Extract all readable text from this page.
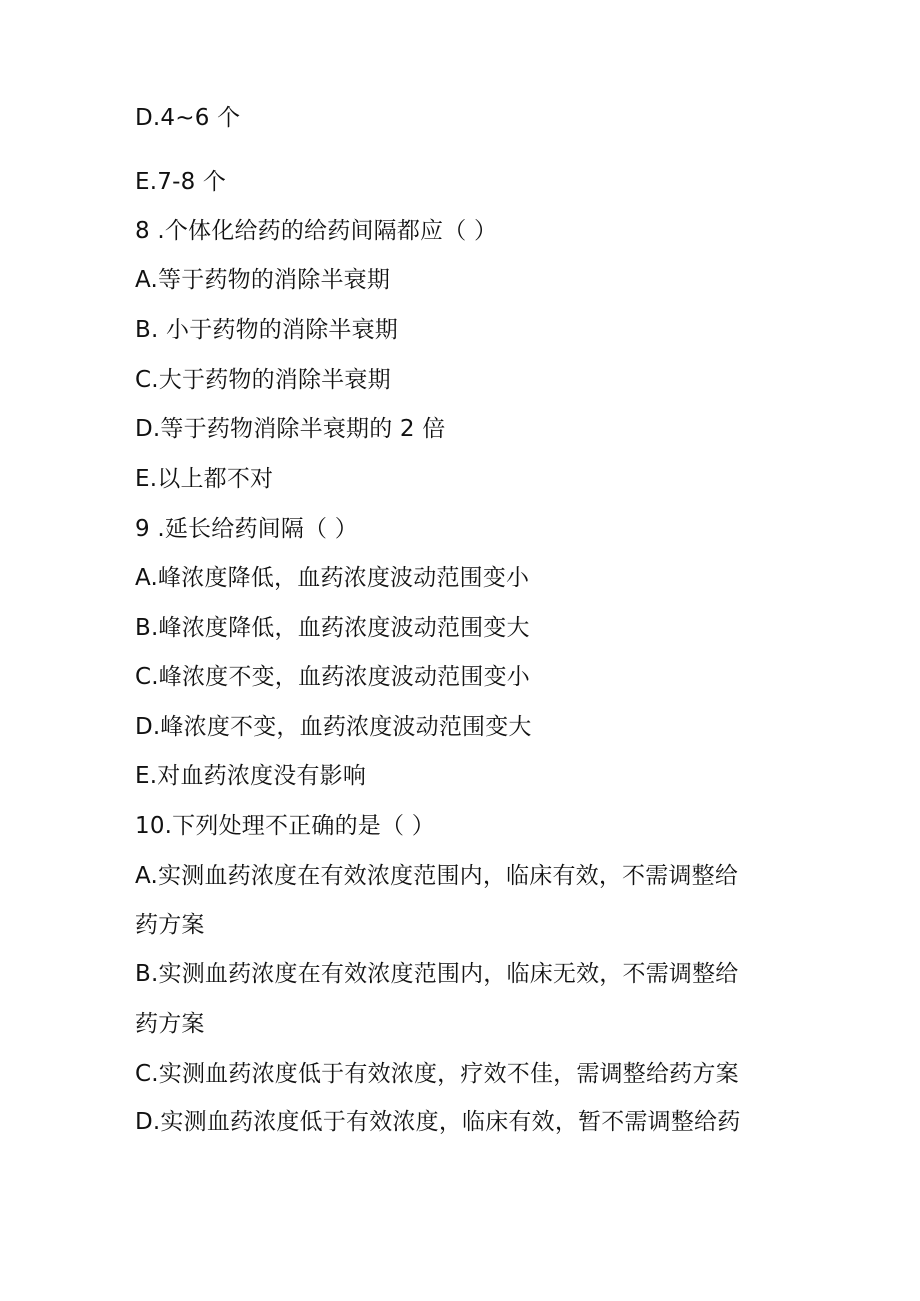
D.4~6 个
E.7-8 个
8 .个体化给药的给药间隔都应（ ）
A.等于药物的消除半衰期
B. 小于药物的消除半衰期
C.大于药物的消除半衰期
D.等于药物消除半衰期的 2 倍
E.以上都不对
9 .延长给药间隔（ ）
A.峰浓度降低，血药浓度波动范围变小
B.峰浓度降低，血药浓度波动范围变大
C.峰浓度不变，血药浓度波动范围变小
D.峰浓度不变，血药浓度波动范围变大
E.对血药浓度没有影响
10.下列处理不正确的是（ ）
A.实测血药浓度在有效浓度范围内，临床有效，不需调整给
药方案
B.实测血药浓度在有效浓度范围内，临床无效，不需调整给
药方案
C.实测血药浓度低于有效浓度，疗效不佳，需调整给药方案
D.实测血药浓度低于有效浓度，临床有效，暂不需调整给药
